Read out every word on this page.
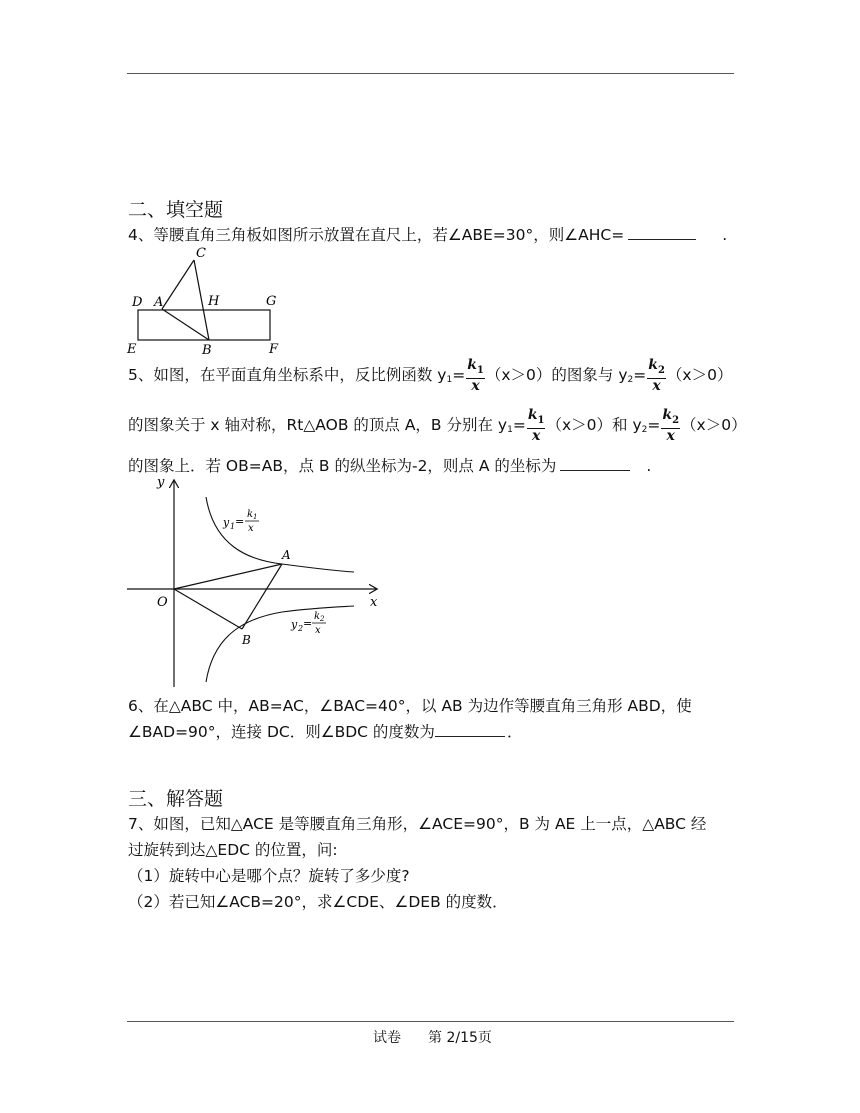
二、填空题
4、等腰直角三角板如图所示放置在直尺上，若∠ABE=30°，则∠AHC=	.
C
D A	H	G
E	B	F
5、如图，在平面直角坐标系中，反比例函数 $y_1= \frac{k_1}{x} (x>0)$的图象与 $y_2= \frac{k_2}{x} (x>0)$
的图象关于 x 轴对称，Rt△AOB 的顶点 A，B 分别在 $y_1= \frac{k_1}{x} (x>0)$和 $y_2= \frac{k_2}{x} (x>0)$
的图象上．若 OB=AB，点 B 的纵坐标为-2，则点 A 的坐标为	.
y
x
O
A
B
y 1 =
k 1
x
y 2 =
k 2
x
6、在△ABC 中，AB=AC，∠BAC=40°，以 AB 为边作等腰直角三角形 ABD，使
∠BAD=90°，连接 DC．则∠BDC 的度数为	．
三、解答题
7、如图，已知△ACE 是等腰直角三角形，∠ACE=90°，B 为 AE 上一点，△ABC 经
过旋转到达△EDC 的位置，问:
（1）旋转中心是哪个点？旋转了多少度?
（2）若已知∠ACB=20°，求∠CDE、∠DEB 的度数．
试卷 第 2/15页
